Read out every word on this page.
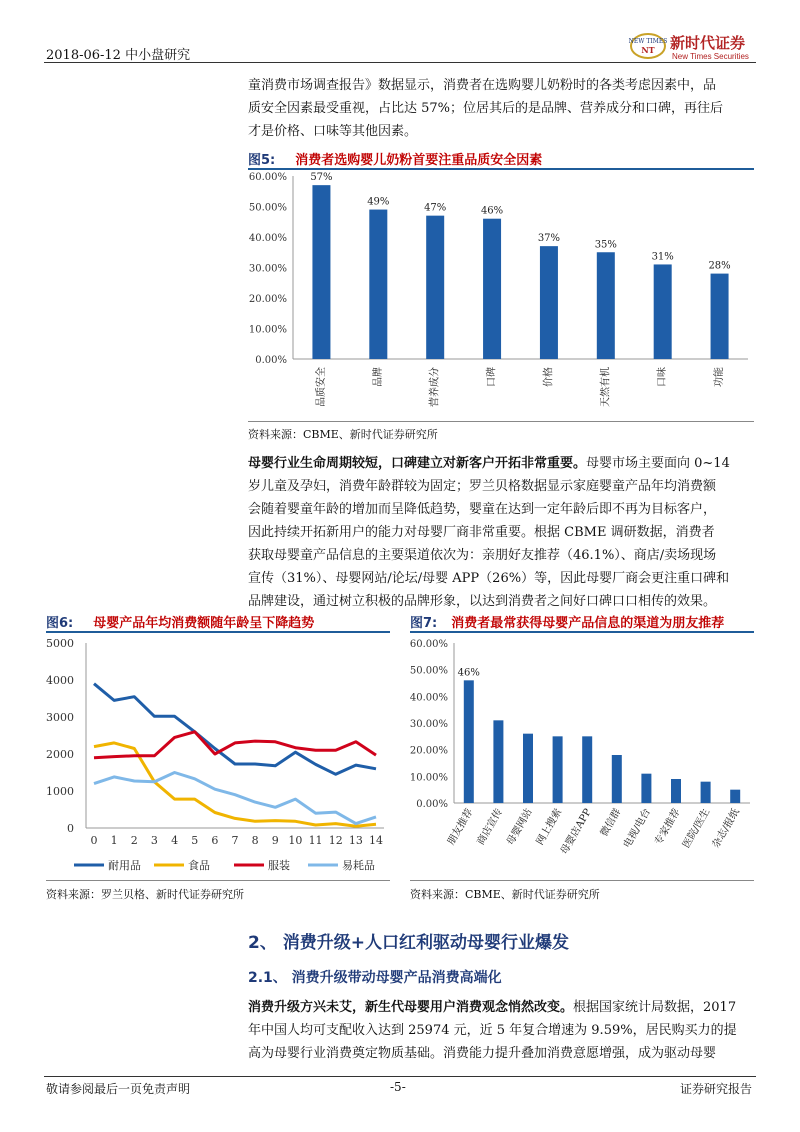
2018-06-12 中小盘研究
NEW TIMES
NT 新时代证券
New Times Securities
童消费市场调查报告》数据显示，消费者在选购婴儿奶粉时的各类考虑因素中，品
质安全因素最受重视，占比达 57%；位居其后的是品牌、营养成分和口碑，再往后
才是价格、口味等其他因素。
图5: 消费者选购婴儿奶粉首要注重品质安全因素
0.00%
10.00%
20.00%
30.00%
40.00%
50.00%
60.00% 57%
品质安全
49%
品牌
47%
营养成分
46%
口碑
37%
价格
35%
天然有机
31%
口味
28%
功能
资料来源：CBME、新时代证券研究所
母婴行业生命周期较短，口碑建立对新客户开拓非常重要。母婴市场主要面向 0~14
岁儿童及孕妇，消费年龄群较为固定；罗兰贝格数据显示家庭婴童产品年均消费额
会随着婴童年龄的增加而呈降低趋势，婴童在达到一定年龄后即不再为目标客户，
因此持续开拓新用户的能力对母婴厂商非常重要。根据 CBME 调研数据，消费者
获取母婴童产品信息的主要渠道依次为：亲朋好友推荐（46.1%）、商店/卖场现场
宣传（31%）、母婴网站/论坛/母婴 APP（26%）等，因此母婴厂商会更注重口碑和
品牌建设，通过树立积极的品牌形象，以达到消费者之间好口碑口口相传的效果。
图6: 母婴产品年均消费额随年龄呈下降趋势
0
1000
2000
3000
4000
5000
0 1 2 3 4 5 6 7 8 9 10 11 12 13 14
耐用品	食品	服装	易耗品
资料来源：罗兰贝格、新时代证券研究所
图7: 消费者最常获得母婴产品信息的渠道为朋友推荐
0.00%
10.00%
20.00%
30.00%
40.00%
50.00%
60.00%
46%
朋友推荐 商店宣传 母婴网站 网上搜索
母婴店APP 微信群
电视/电台 专家推荐
医院/医生
杂志/报纸
资料来源：CBME、新时代证券研究所
2、 消费升级+人口红利驱动母婴行业爆发
2.1、 消费升级带动母婴产品消费高端化
消费升级方兴未艾，新生代母婴用户消费观念悄然改变。根据国家统计局数据，2017
年中国人均可支配收入达到 25974 元，近 5 年复合增速为 9.59%，居民购买力的提
高为母婴行业消费奠定物质基础。消费能力提升叠加消费意愿增强，成为驱动母婴
敬请参阅最后一页免责声明	-5-	证券研究报告
